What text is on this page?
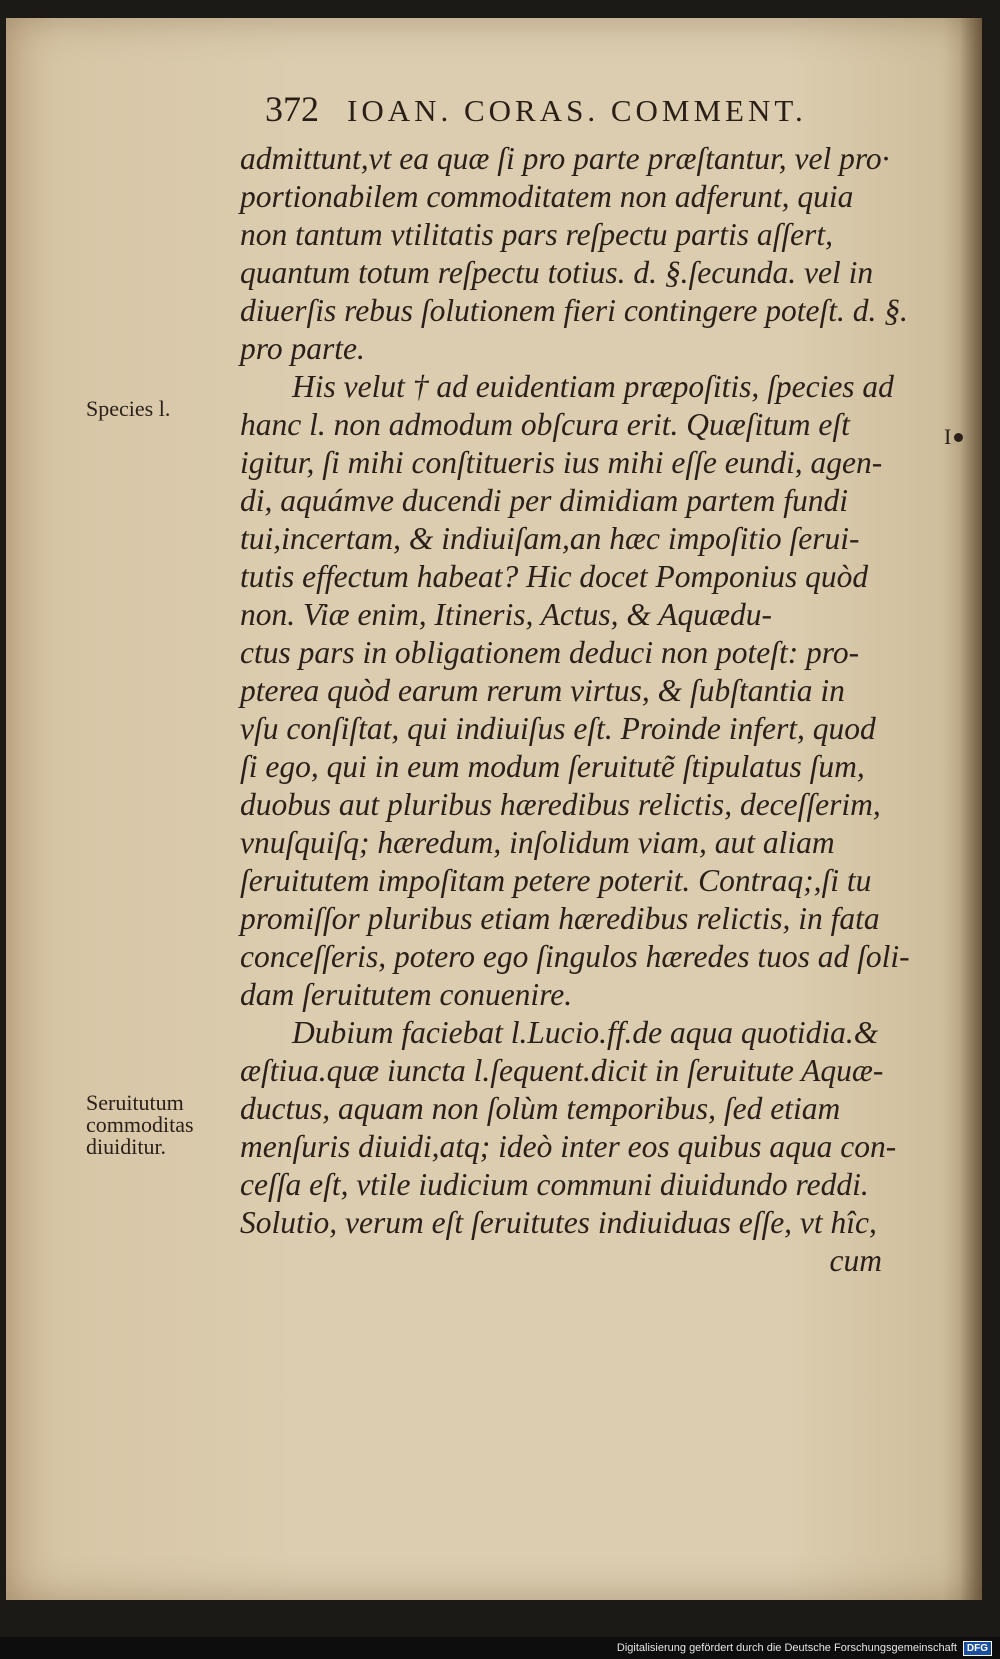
372 IOAN. CORAS. COMMENT.
Species l.
Seruitutum
commoditas
diuiditur.
I
admittunt,vt ea quæ ſi pro parte præſtantur, vel pro·
portionabilem commoditatem non adferunt, quia
non tantum vtilitatis pars reſpectu partis aſſert,
quantum totum reſpectu totius. d. §.ſecunda. vel in
diuerſis rebus ſolutionem fieri contingere poteſt. d. §.
pro parte.
His velut † ad euidentiam præpoſitis, ſpecies ad
hanc l. non admodum obſcura erit. Quæſitum eſt
igitur, ſi mihi conſtitueris ius mihi eſſe eundi, agen-
di, aquámve ducendi per dimidiam partem fundi
tui,incertam, & indiuiſam,an hæc impoſitio ſerui-
tutis effectum habeat? Hic docet Pomponius quòd
non. Viæ enim, Itineris, Actus, & Aquædu-
ctus pars in obligationem deduci non poteſt: pro-
pterea quòd earum rerum virtus, & ſubſtantia in
vſu conſiſtat, qui indiuiſus eſt. Proinde infert, quod
ſi ego, qui in eum modum ſeruitutẽ ſtipulatus ſum,
duobus aut pluribus hæredibus relictis, deceſſerim,
vnuſquiſq; hæredum, inſolidum viam, aut aliam
ſeruitutem impoſitam petere poterit. Contraq;,ſi tu
promiſſor pluribus etiam hæredibus relictis, in fata
conceſſeris, potero ego ſingulos hæredes tuos ad ſoli-
dam ſeruitutem conuenire.
Dubium faciebat l.Lucio.ff.de aqua quotidia.&
æſtiua.quæ iuncta l.ſequent.dicit in ſeruitute Aquæ-
ductus, aquam non ſolùm temporibus, ſed etiam
menſuris diuidi,atq; ideò inter eos quibus aqua con-
ceſſa eſt, vtile iudicium communi diuidundo reddi.
Solutio, verum eſt ſeruitutes indiuiduas eſſe, vt hîc,
cum
Digitalisierung gefördert durch die Deutsche Forschungsgemeinschaft	DFG
